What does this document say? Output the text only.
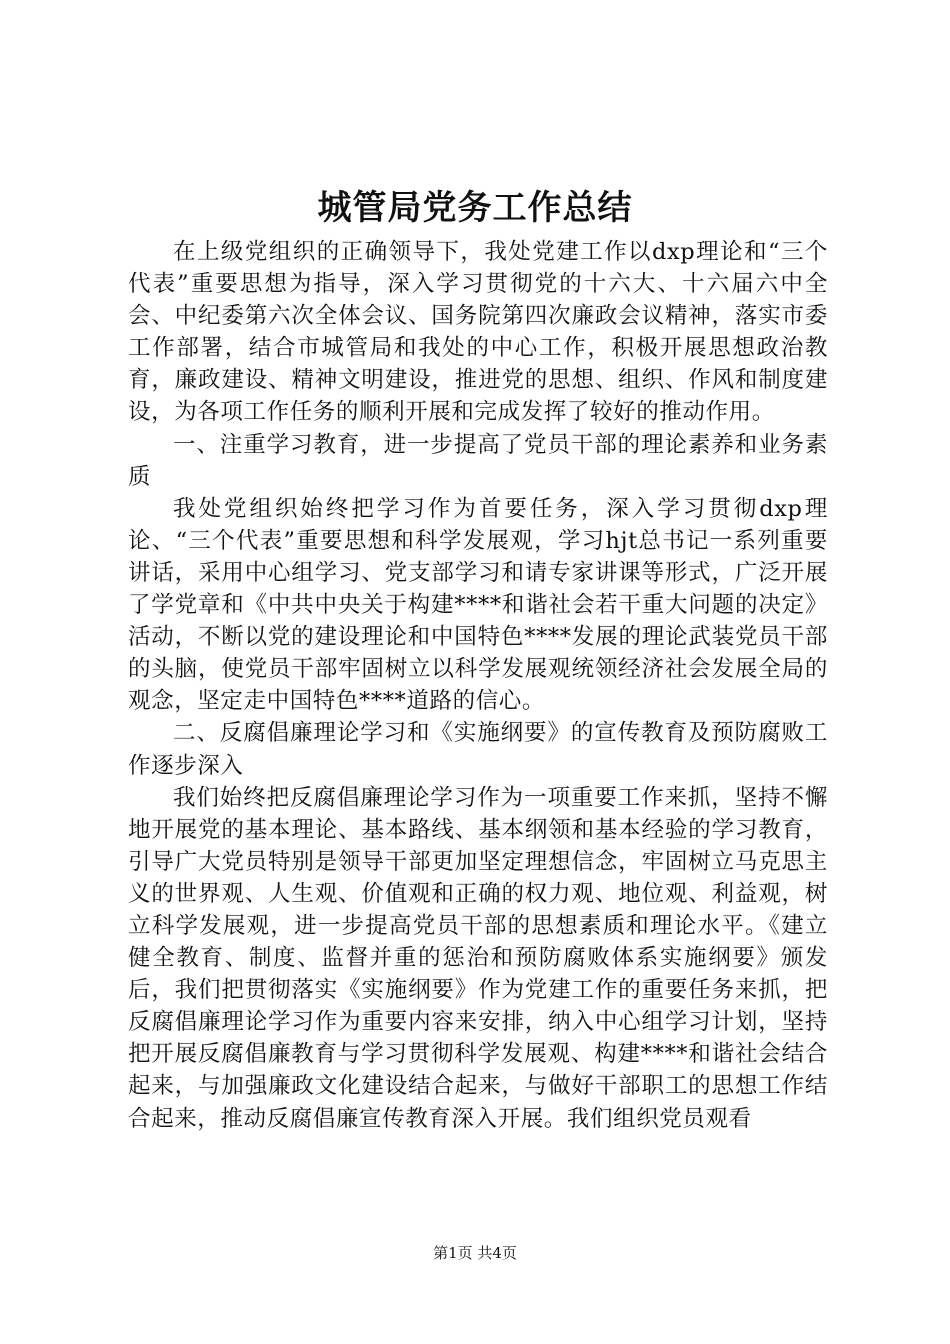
城管局党务工作总结

在上级党组织的正确领导下，我处党建工作以dxp理论和“三个代表”重要思想为指导，深入学习贯彻党的十六大、十六届六中全会、中纪委第六次全体会议、国务院第四次廉政会议精神，落实市委工作部署，结合市城管局和我处的中心工作，积极开展思想政治教育，廉政建设、精神文明建设，推进党的思想、组织、作风和制度建设，为各项工作任务的顺利开展和完成发挥了较好的推动作用。

一、注重学习教育，进一步提高了党员干部的理论素养和业务素质

我处党组织始终把学习作为首要任务，深入学习贯彻dxp理论、“三个代表”重要思想和科学发展观，学习hjt总书记一系列重要讲话，采用中心组学习、党支部学习和请专家讲课等形式，广泛开展了学党章和《中共中央关于构建****和谐社会若干重大问题的决定》活动，不断以党的建设理论和中国特色****发展的理论武装党员干部的头脑，使党员干部牢固树立以科学发展观统领经济社会发展全局的观念，坚定走中国特色****道路的信心。

二、反腐倡廉理论学习和《实施纲要》的宣传教育及预防腐败工作逐步深入

我们始终把反腐倡廉理论学习作为一项重要工作来抓，坚持不懈地开展党的基本理论、基本路线、基本纲领和基本经验的学习教育，引导广大党员特别是领导干部更加坚定理想信念，牢固树立马克思主义的世界观、人生观、价值观和正确的权力观、地位观、利益观，树立科学发展观，进一步提高党员干部的思想素质和理论水平。《建立健全教育、制度、监督并重的惩治和预防腐败体系实施纲要》颁发后，我们把贯彻落实《实施纲要》作为党建工作的重要任务来抓，把反腐倡廉理论学习作为重要内容来安排，纳入中心组学习计划，坚持把开展反腐倡廉教育与学习贯彻科学发展观、构建****和谐社会结合起来，与加强廉政文化建设结合起来，与做好干部职工的思想工作结合起来，推动反腐倡廉宣传教育深入开展。我们组织党员观看

第1页 共4页
